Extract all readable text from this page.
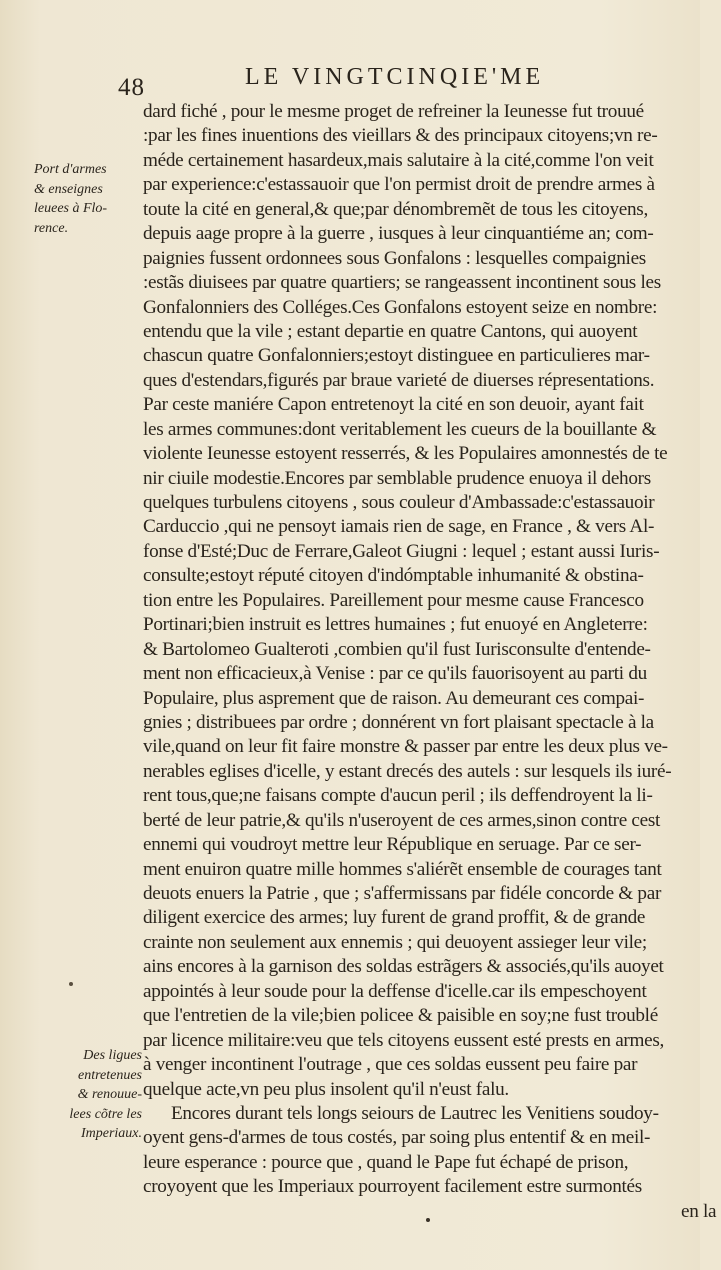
48	LE VINGTCINQIE'ME
Port d'armes
& enseignes
leuees à Flo-
rence.
Des ligues
entretenues
& renouue-
lees cõtre les
Imperiaux.
dard fiché , pour le mesme proget de refreiner la Ieunesse fut trouué
:par les fines inuentions des vieillars & des principaux citoyens;vn re-
méde certainement hasardeux,mais salutaire à la cité,comme l'on veit
par experience:c'estassauoir que l'on permist droit de prendre armes à
toute la cité en general,& que;par dénombremẽt de tous les citoyens,
depuis aage propre à la guerre , iusques à leur cinquantiéme an; com-
paignies fussent ordonnees sous Gonfalons : lesquelles compaignies
:estãs diuisees par quatre quartiers; se rangeassent incontinent sous les
Gonfalonniers des Colléges.Ces Gonfalons estoyent seize en nombre:
entendu que la vile ; estant departie en quatre Cantons, qui auoyent
chascun quatre Gonfalonniers;estoyt distinguee en particulieres mar-
ques d'estendars,figurés par braue varieté de diuerses répresentations.
Par ceste maniére Capon entretenoyt la cité en son deuoir, ayant fait
les armes communes:dont veritablement les cueurs de la bouillante &
violente Ieunesse estoyent resserrés, & les Populaires amonnestés de te
nir ciuile modestie.Encores par semblable prudence enuoya il dehors
quelques turbulens citoyens , sous couleur d'Ambassade:c'estassauoir
Carduccio ,qui ne pensoyt iamais rien de sage, en France , & vers Al-
fonse d'Esté;Duc de Ferrare,Galeot Giugni : lequel ; estant aussi Iuris-
consulte;estoyt réputé citoyen d'indómptable inhumanité & obstina-
tion entre les Populaires. Pareillement pour mesme cause Francesco
Portinari;bien instruit es lettres humaines ; fut enuoyé en Angleterre:
& Bartolomeo Gualteroti ,combien qu'il fust Iurisconsulte d'entende-
ment non efficacieux,à Venise : par ce qu'ils fauorisoyent au parti du
Populaire, plus asprement que de raison. Au demeurant ces compai-
gnies ; distribuees par ordre ; donnérent vn fort plaisant spectacle à la
vile,quand on leur fit faire monstre & passer par entre les deux plus ve-
nerables eglises d'icelle, y estant drecés des autels : sur lesquels ils iuré-
rent tous,que;ne faisans compte d'aucun peril ; ils deffendroyent la li-
berté de leur patrie,& qu'ils n'useroyent de ces armes,sinon contre cest
ennemi qui voudroyt mettre leur République en seruage. Par ce ser-
ment enuiron quatre mille hommes s'aliérẽt ensemble de courages tant
deuots enuers la Patrie , que ; s'affermissans par fidéle concorde & par
diligent exercice des armes; luy furent de grand proffit, & de grande
crainte non seulement aux ennemis ; qui deuoyent assieger leur vile;
ains encores à la garnison des soldas estrãgers & associés,qu'ils auoyet
appointés à leur soude pour la deffense d'icelle.car ils empeschoyent
que l'entretien de la vile;bien policee & paisible en soy;ne fust troublé
par licence militaire:veu que tels citoyens eussent esté prests en armes,
à venger incontinent l'outrage , que ces soldas eussent peu faire par
quelque acte,vn peu plus insolent qu'il n'eust falu.
Encores durant tels longs seiours de Lautrec les Venitiens soudoy-
oyent gens-d'armes de tous costés, par soing plus ententif & en meil-
leure esperance : pource que , quand le Pape fut échapé de prison,
croyoyent que les Imperiaux pourroyent facilement estre surmontés
en la
